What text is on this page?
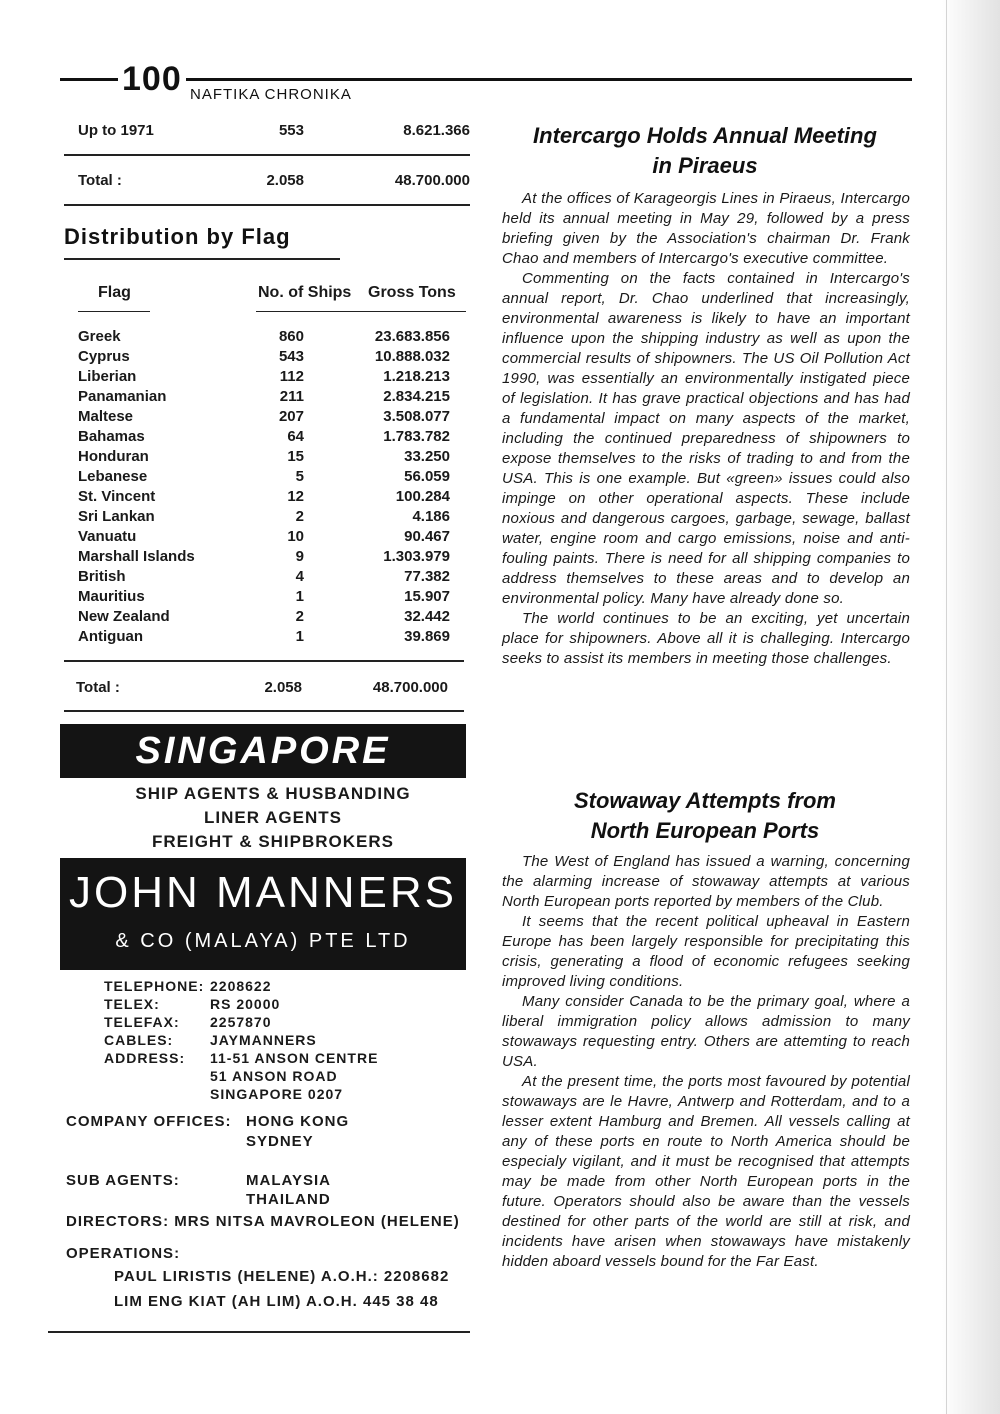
100 NAFTIKA CHRONIKA
Up to 1971	553	8.621.366
Total :	2.058	48.700.000
Distribution by Flag
Flag	No. of Ships Gross Tons
Greek	860	23.683.856
Cyprus	543	10.888.032
Liberian	112	1.218.213
Panamanian	211	2.834.215
Maltese	207	3.508.077
Bahamas	64	1.783.782
Honduran	15	33.250
Lebanese	5	56.059
St. Vincent	12	100.284
Sri Lankan	2	4.186
Vanuatu	10	90.467
Marshall Islands	9	1.303.979
British	4	77.382
Mauritius	1	15.907
New Zealand	2	32.442
Antiguan	1	39.869
Total :	2.058	48.700.000
SINGAPORE
SHIP AGENTS & HUSBANDING
LINER AGENTS
FREIGHT & SHIPBROKERS
JOHN MANNERS
& CO (MALAYA) PTE LTD
TELEPHONE: 2208622
TELEX:	RS 20000
TELEFAX: 2257870
CABLES:	JAYMANNERS
ADDRESS: 11-51 ANSON CENTRE
51 ANSON ROAD
SINGAPORE 0207
COMPANY OFFICES: HONG KONG
SYDNEY
SUB AGENTS:	MALAYSIA
THAILAND
DIRECTORS: MRS NITSA MAVROLEON (HELENE)
OPERATIONS:
PAUL LIRISTIS (HELENE) A.O.H.: 2208682
LIM ENG KIAT (AH LIM) A.O.H. 445 38 48
Intercargo Holds Annual Meeting
in Piraeus

At the offices of Karageorgis Lines in Piraeus, Intercargo held its annual meeting in May 29, followed by a press briefing given by the Association's chairman Dr. Frank Chao and members of Intercargo's executive committee.

Commenting on the facts contained in Intercargo's annual report, Dr. Chao underlined that increasingly, environmental awareness is likely to have an important influence upon the shipping industry as well as upon the commercial results of shipowners. The US Oil Pollution Act 1990, was essentially an environmentally instigated piece of legislation. It has grave practical objections and has had a fundamental impact on many aspects of the market, including the continued preparedness of shipowners to expose themselves to the risks of trading to and from the USA. This is one example. But «green» issues could also impinge on other operational aspects. These include noxious and dangerous cargoes, garbage, sewage, ballast water, engine room and cargo emissions, noise and anti-fouling paints. There is need for all shipping companies to address themselves to these areas and to develop an environmental policy. Many have already done so.

The world continues to be an exciting, yet uncertain place for shipowners. Above all it is challeging. Intercargo seeks to assist its members in meeting those challenges.

Stowaway Attempts from
North European Ports

The West of England has issued a warning, concerning the alarming increase of stowaway attempts at various North European ports reported by members of the Club.

It seems that the recent political upheaval in Eastern Europe has been largely responsible for precipitating this crisis, generating a flood of economic refugees seeking improved living conditions.

Many consider Canada to be the primary goal, where a liberal immigration policy allows admission to many stowaways requesting entry. Others are attemting to reach USA.

At the present time, the ports most favoured by potential stowaways are le Havre, Antwerp and Rotterdam, and to a lesser extent Hamburg and Bremen. All vessels calling at any of these ports en route to North America should be especialy vigilant, and it must be recognised that attempts may be made from other North European ports in the future. Operators should also be aware than the vessels destined for other parts of the world are still at risk, and incidents have arisen when stowaways have mistakenly hidden aboard vessels bound for the Far East.
